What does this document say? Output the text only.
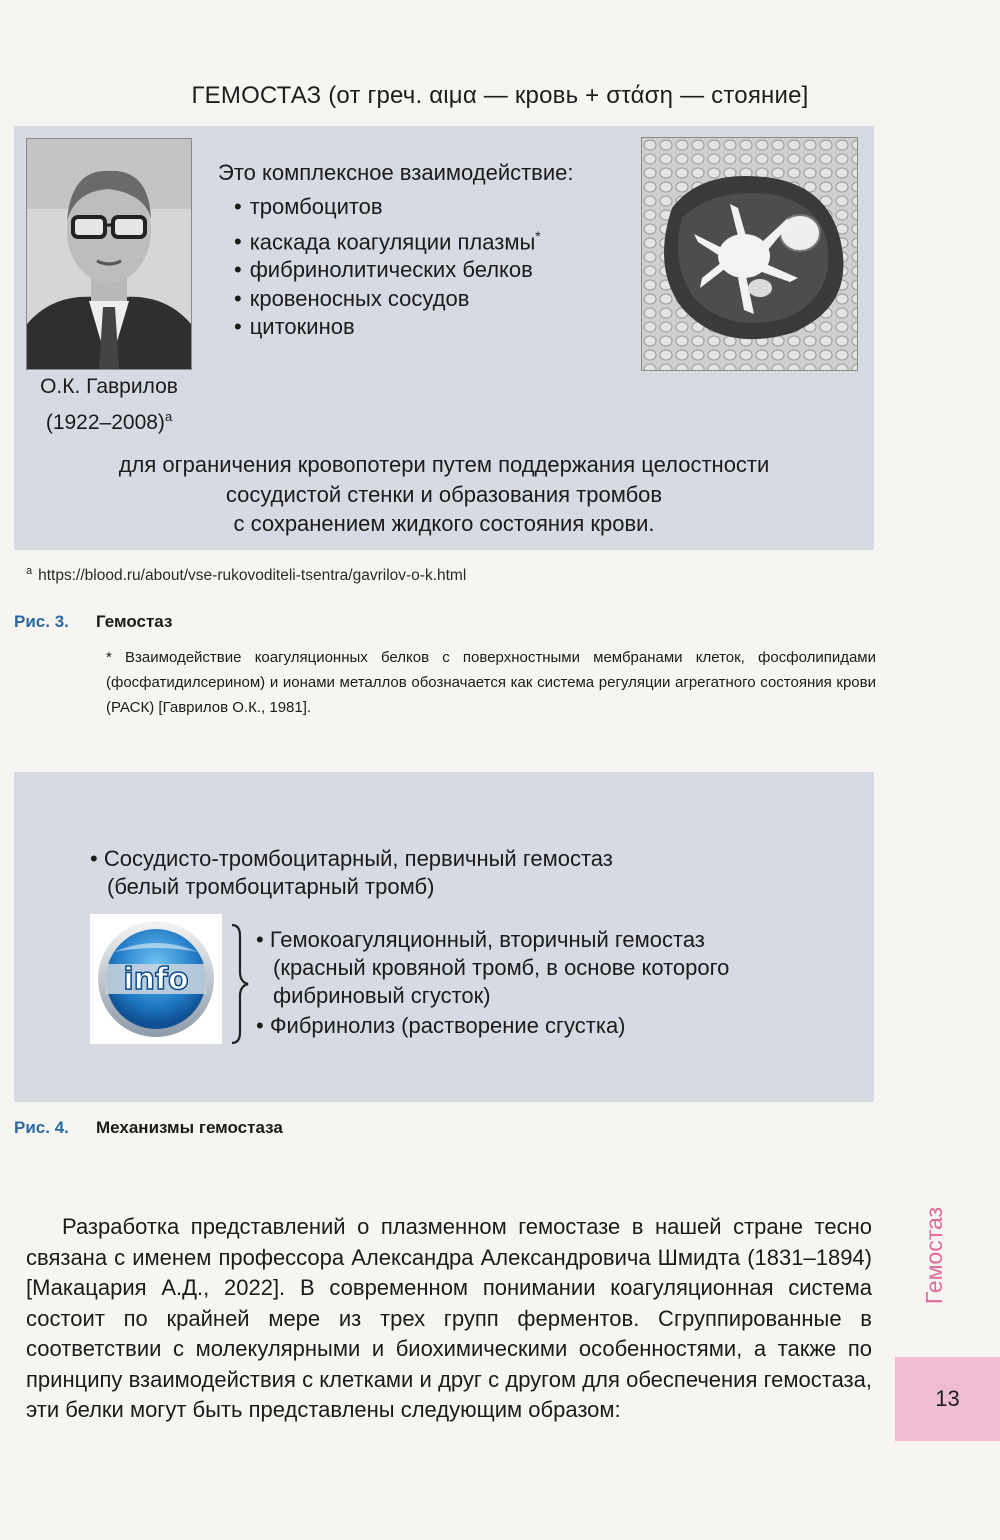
ГЕМОСТАЗ (от греч. αιμα — кровь + στάση — стояние]
О.К. Гаврилов
(1922–2008)$^а$
Это комплексное взаимодействие:
• тромбоцитов
• каскада коагуляции плазмы*
• фибринолитических белков
• кровеносных сосудов
• цитокинов
для ограничения кровопотери путем поддержания целостности
сосудистой стенки и образования тромбов
с сохранением жидкого состояния крови.
$^a$ https://blood.ru/about/vse-rukovoditeli-tsentra/gavrilov-o-k.html
Рис. 3. Гемостаз
* Взаимодействие коагуляционных белков с поверхностными мембранами клеток, фосфолипидами (фосфатидилсерином) и ионами металлов обозначается как система регуляции агрегатного состояния крови (РАСК) [Гаврилов О.К., 1981].
• Сосудисто-тромбоцитарный, первичный гемостаз
(белый тромбоцитарный тромб)
info
• Гемокоагуляционный, вторичный гемостаз
(красный кровяной тромб, в основе которого
фибриновый сгусток)
• Фибринолиз (растворение сгустка)
Рис. 4. Механизмы гемостаза

Разработка представлений о плазменном гемостазе в нашей стране тесно связана с именем профессора Александра Александровича Шмидта (1831–1894) [Макацария А.Д., 2022]. В современном понимании коагуляционная система состоит по крайней мере из трех групп ферментов. Сгруппированные в соответствии с молекулярными и биохимическими особенностями, а также по принципу взаимодействия с клетками и друг с другом для обеспечения гемостаза, эти белки могут быть представлены следующим образом:

Гемостаз
13
